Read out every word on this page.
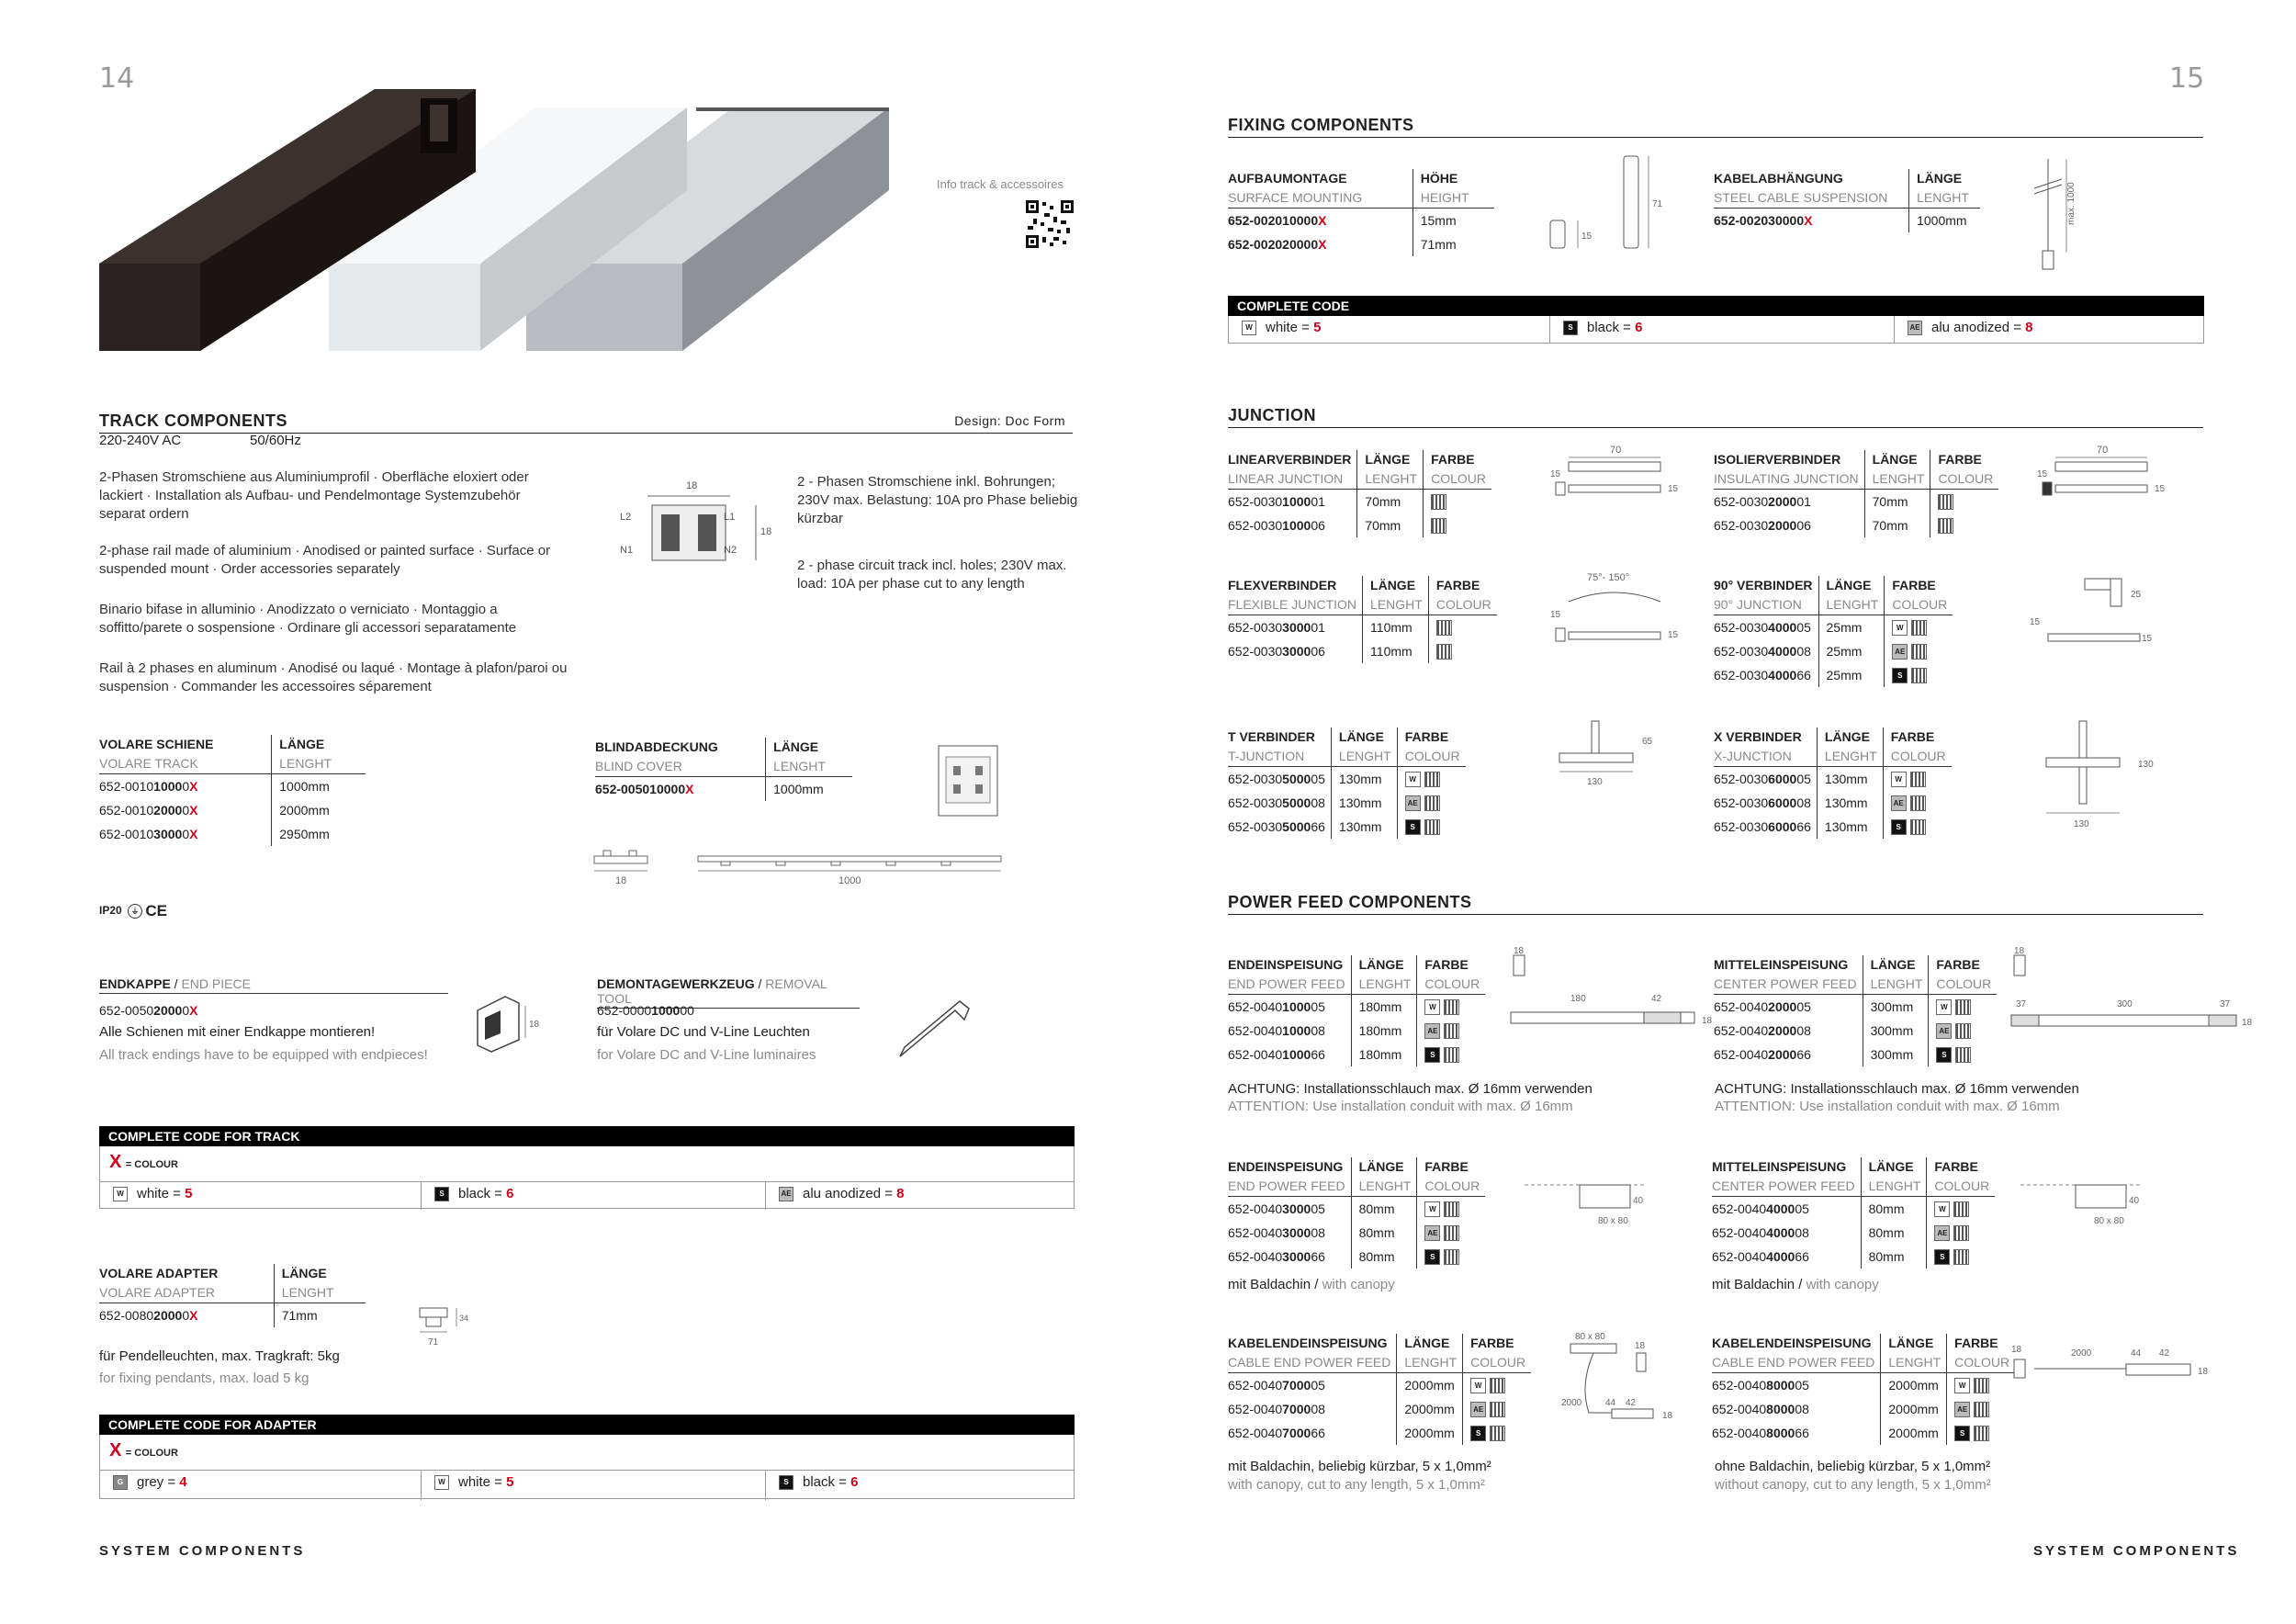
14
Info track & accessoires
TRACK COMPONENTS	Design: Doc Form
220-240V AC	50/60Hz
2-Phasen Stromschiene aus Aluminiumprofil · Oberfläche eloxiert oder lackiert · Installation als Aufbau- und Pendelmontage Systemzubehör separat ordern
2-phase rail made of aluminium · Anodised or painted surface · Surface or suspended mount · Order accessories separately
Binario bifase in alluminio · Anodizzato o verniciato · Montaggio a soffitto/parete o sospensione · Ordinare gli accessori separatamente
Rail à 2 phases en aluminum · Anodisé ou laqué · Montage à plafon/paroi ou suspension · Commander les accessoires séparement
18
L2	L1
N1	N2
18
2 - Phasen Stromschiene inkl. Bohrungen; 230V max. Belastung: 10A pro Phase beliebig kürzbar
2 - phase circuit track incl. holes; 230V max. load: 10A per phase cut to any length
VOLARE SCHIENE	LÄNGE
VOLARE TRACK	LENGHT
652-001010000X	1000mm
652-001020000X	2000mm
652-001030000X	2950mm
IP20 ⏚ CE
BLINDABDECKUNG	LÄNGE
BLIND COVER	LENGHT
652-005010000X	1000mm
18	1000
ENDKAPPE / END PIECE
652-005020000X
Alle Schienen mit einer Endkappe montieren!
All track endings have to be equipped with endpieces!
18
DEMONTAGEWERKZEUG / REMOVAL TOOL
652-0000100000
für Volare DC und V-Line Leuchten
for Volare DC and V-Line luminaires
COMPLETE CODE FOR TRACK
X = COLOUR
W white = 5	S black = 6	AE alu anodized = 8
VOLARE ADAPTER	LÄNGE
VOLARE ADAPTER	LENGHT
652-008020000X	71mm
71
34
für Pendelleuchten, max. Tragkraft: 5kg
for fixing pendants, max. load 5 kg
COMPLETE CODE FOR ADAPTER
X = COLOUR
G grey = 4	W white = 5	S black = 6
SYSTEM COMPONENTS
15
FIXING COMPONENTS
AUFBAUMONTAGE	HÖHE
SURFACE MOUNTING	HEIGHT
652-002010000X	15mm
652-002020000X	71mm
15
71
KABELABHÄNGUNG	LÄNGE
STEEL CABLE SUSPENSION	LENGHT
652-002030000X	1000mm	max. 1000
COMPLETE CODE
W white = 5	S black = 6	AE alu anodized = 8
JUNCTION
POWER FEED COMPONENTS
LINEARVERBINDER	LÄNGE	FARBE
LINEAR JUNCTION	LENGHT	COLOUR
652-0030100001	70mm	
652-0030100006	70mm	
ISOLIERVERBINDER	LÄNGE	FARBE
INSULATING JUNCTION	LENGHT	COLOUR
652-0030200001	70mm	
652-0030200006	70mm	
FLEXVERBINDER	LÄNGE	FARBE
FLEXIBLE JUNCTION	LENGHT	COLOUR
652-0030300001	110mm	
652-0030300006	110mm	
90° VERBINDER	LÄNGE	FARBE
90° JUNCTION	LENGHT	COLOUR
652-0030400005	25mm	W
652-0030400008	25mm	AE
652-0030400066	25mm	S
T VERBINDER	LÄNGE	FARBE
T-JUNCTION	LENGHT	COLOUR
652-0030500005	130mm	W
652-0030500008	130mm	AE
652-0030500066	130mm	S
X VERBINDER	LÄNGE	FARBE
X-JUNCTION	LENGHT	COLOUR
652-0030600005	130mm	W
652-0030600008	130mm	AE
652-0030600066	130mm	S
ENDEINSPEISUNG	LÄNGE	FARBE
END POWER FEED	LENGHT	COLOUR
652-0040100005	180mm	W
652-0040100008	180mm	AE
652-0040100066	180mm	S
MITTELEINSPEISUNG	LÄNGE	FARBE
CENTER POWER FEED	LENGHT	COLOUR
652-0040200005	300mm	W
652-0040200008	300mm	AE
652-0040200066	300mm	S
ENDEINSPEISUNG	LÄNGE	FARBE
END POWER FEED	LENGHT	COLOUR
652-0040300005	80mm	W
652-0040300008	80mm	AE
652-0040300066	80mm	S
MITTELEINSPEISUNG	LÄNGE	FARBE
CENTER POWER FEED	LENGHT	COLOUR
652-0040400005	80mm	W
652-0040400008	80mm	AE
652-0040400066	80mm	S
KABELENDEINSPEISUNG	LÄNGE	FARBE
CABLE END POWER FEED	LENGHT	COLOUR
652-0040700005	2000mm	W
652-0040700008	2000mm	AE
652-0040700066	2000mm	S
KABELENDEINSPEISUNG	LÄNGE	FARBE
CABLE END POWER FEED	LENGHT	COLOUR
652-0040800005	2000mm	W
652-0040800008	2000mm	AE
652-0040800066	2000mm	S
70
15
15
70
15
15
75°- 150°
15
15
25
15
15
65
130
130
130
18
180	42
18
18
37	300	37
18
40
80 x 80
40
80 x 80
80 x 80
18
2000	44 42
18
18	2000	44 42
18
ACHTUNG: Installationsschlauch max. Ø 16mm verwenden
ATTENTION: Use installation conduit with max. Ø 16mm
ACHTUNG: Installationsschlauch max. Ø 16mm verwenden
ATTENTION: Use installation conduit with max. Ø 16mm
mit Baldachin / with canopy	mit Baldachin / with canopy
mit Baldachin, beliebig kürzbar, 5 x 1,0mm²
with canopy, cut to any length, 5 x 1,0mm²
ohne Baldachin, beliebig kürzbar, 5 x 1,0mm²
without canopy, cut to any length, 5 x 1,0mm²
SYSTEM COMPONENTS
